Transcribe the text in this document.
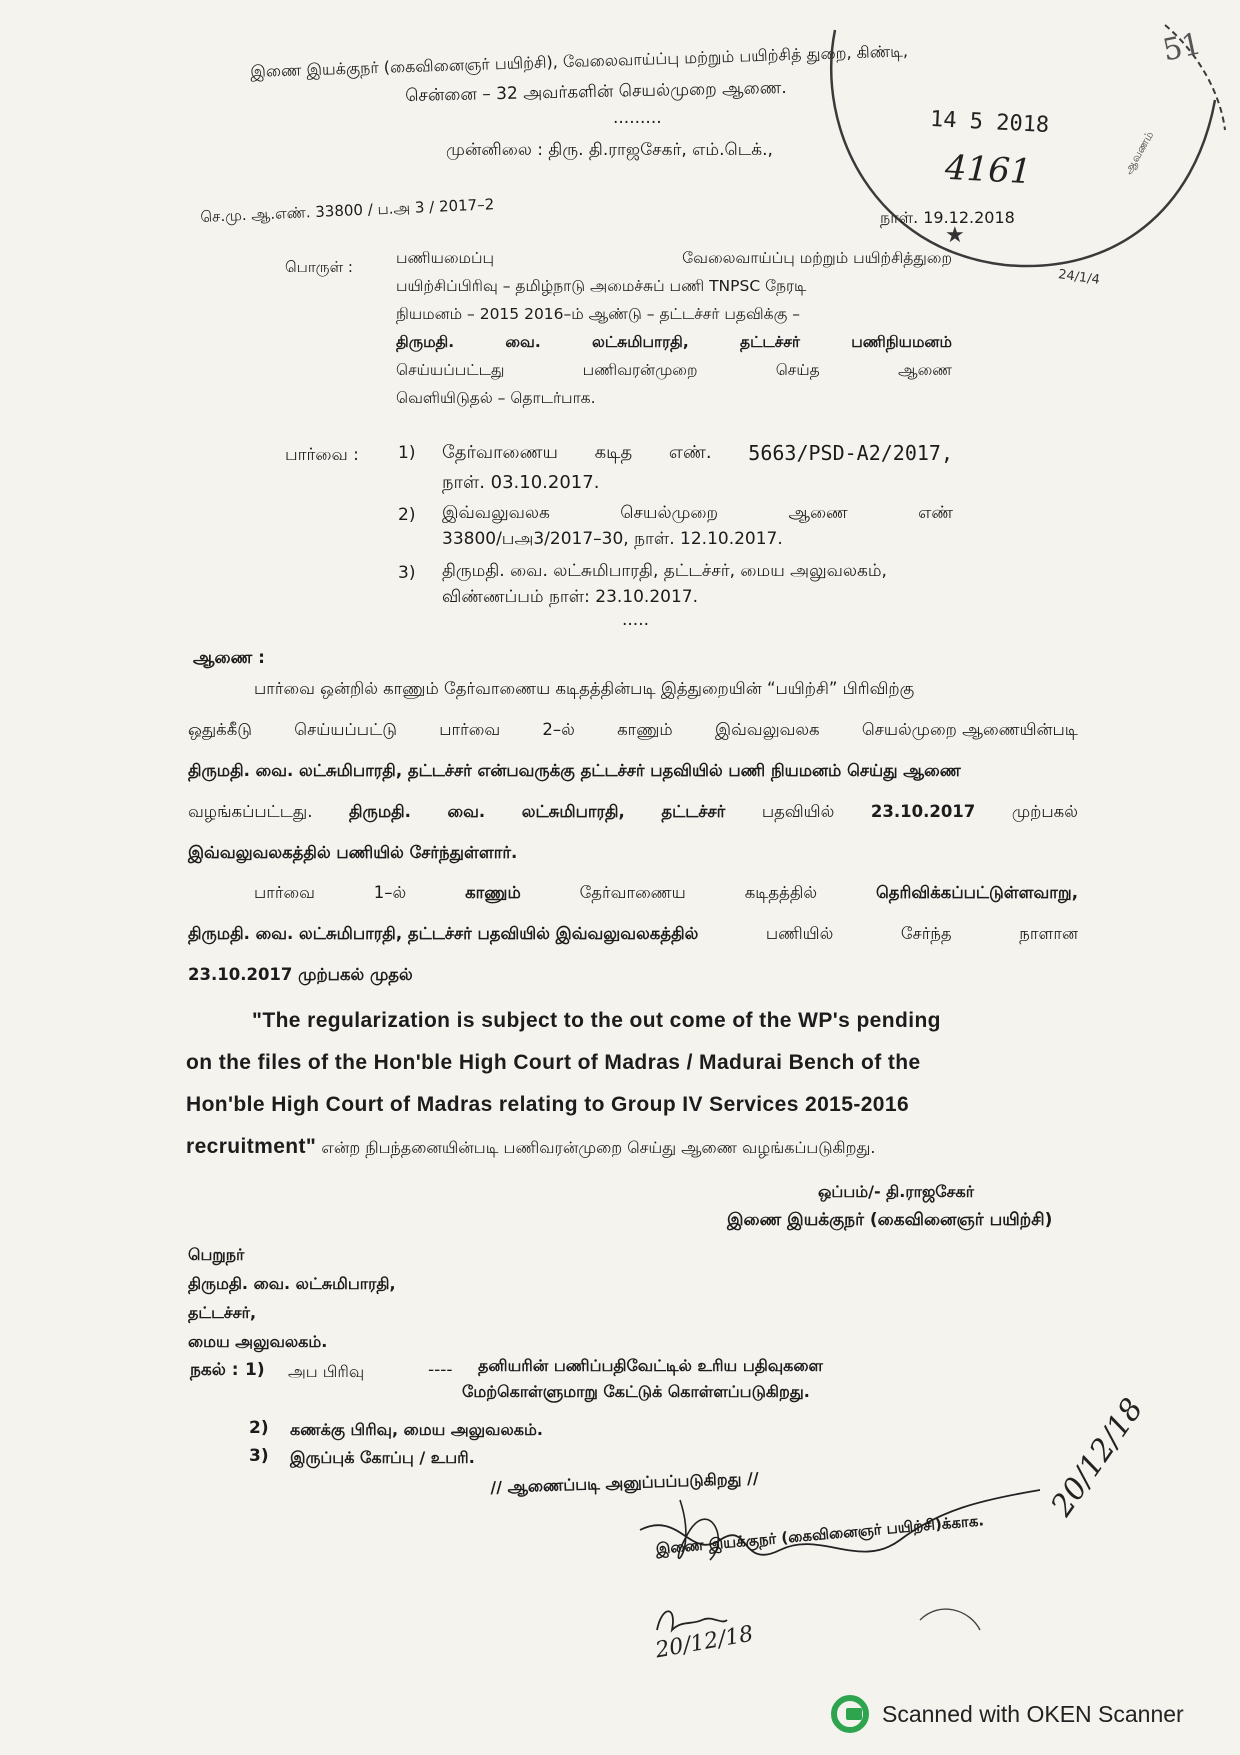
இணை இயக்குநர் (கைவினைஞர் பயிற்சி), வேலைவாய்ப்பு மற்றும் பயிற்சித் துறை, கிண்டி,
சென்னை – 32 அவர்களின் செயல்முறை ஆணை.
.........
முன்னிலை : திரு. தி.ராஜசேகர், எம்.டெக்.,
★
ஆவணம்
51
14 5 2018
4161
24/1/4
செ.மு. ஆ.எண். 33800 / ப.அ 3 / 2017–2	நாள். 19.12.2018
பொருள் :	பணியமைப்பு	வேலைவாய்ப்பு மற்றும் பயிற்சித்துறை
பயிற்சிப்பிரிவு – தமிழ்நாடு அமைச்சுப் பணி TNPSC நேரடி
நியமனம் – 2015 2016–ம் ஆண்டு – தட்டச்சர் பதவிக்கு –
திருமதி.	வை.	லட்சுமிபாரதி,	தட்டச்சர்	பணிநியமனம்
செய்யப்பட்டது	பணிவரன்முறை	செய்த	ஆணை
வெளியிடுதல் – தொடர்பாக.
பார்வை : 1)	தேர்வாணைய கடித எண். 5663/PSD-A2/2017,
நாள். 03.10.2017.
2)	இவ்வலுவலக	செயல்முறை	ஆணை	எண்
33800/பஅ3/2017–30, நாள். 12.10.2017.
3)	திருமதி. வை. லட்சுமிபாரதி, தட்டச்சர், மைய அலுவலகம்,
விண்ணப்பம் நாள்: 23.10.2017.
.....
ஆணை :
பார்வை ஒன்றில் காணும் தேர்வாணைய கடிதத்தின்படி இத்துறையின் “பயிற்சி” பிரிவிற்கு
ஒதுக்கீடு	செய்யப்பட்டு	பார்வை	2–ல்	காணும்	இவ்வலுவலக	செயல்முறை ஆணையின்படி
திருமதி. வை. லட்சுமிபாரதி, தட்டச்சர் என்பவருக்கு தட்டச்சர் பதவியில் பணி நியமனம் செய்து ஆணை
வழங்கப்பட்டது. திருமதி. வை. லட்சுமிபாரதி, தட்டச்சர் பதவியில் 23.10.2017 முற்பகல்
இவ்வலுவலகத்தில் பணியில் சேர்ந்துள்ளார்.
பார்வை	1–ல்	காணும்	தேர்வாணைய	கடிதத்தில்	தெரிவிக்கப்பட்டுள்ளவாறு,
திருமதி. வை. லட்சுமிபாரதி, தட்டச்சர் பதவியில் இவ்வலுவலகத்தில்	பணியில்	சேர்ந்த	நாளான
23.10.2017 முற்பகல் முதல்
"The regularization is subject to the out come of the WP's pending
on the files of the Hon'ble High Court of Madras / Madurai Bench of the
Hon'ble High Court of Madras relating to Group IV Services 2015-2016
recruitment" என்ற நிபந்தனையின்படி பணிவரன்முறை செய்து ஆணை வழங்கப்படுகிறது.
ஒப்பம்/- தி.ராஜசேகர்
இணை இயக்குநர் (கைவினைஞர் பயிற்சி)
பெறுநர்
திருமதி. வை. லட்சுமிபாரதி,
தட்டச்சர்,
மைய அலுவலகம்.
நகல் : 1) அப பிரிவு	---- தனியரின் பணிப்பதிவேட்டில் உரிய பதிவுகளை
மேற்கொள்ளுமாறு கேட்டுக் கொள்ளப்படுகிறது.
2) கணக்கு பிரிவு, மைய அலுவலகம்.
3) இருப்புக் கோப்பு / உபரி.
// ஆணைப்படி அனுப்பப்படுகிறது //	20/12/18
இணை இயக்குநர் (கைவினைஞர் பயிற்சி)க்காக.
20/12/18
Scanned with OKEN Scanner
